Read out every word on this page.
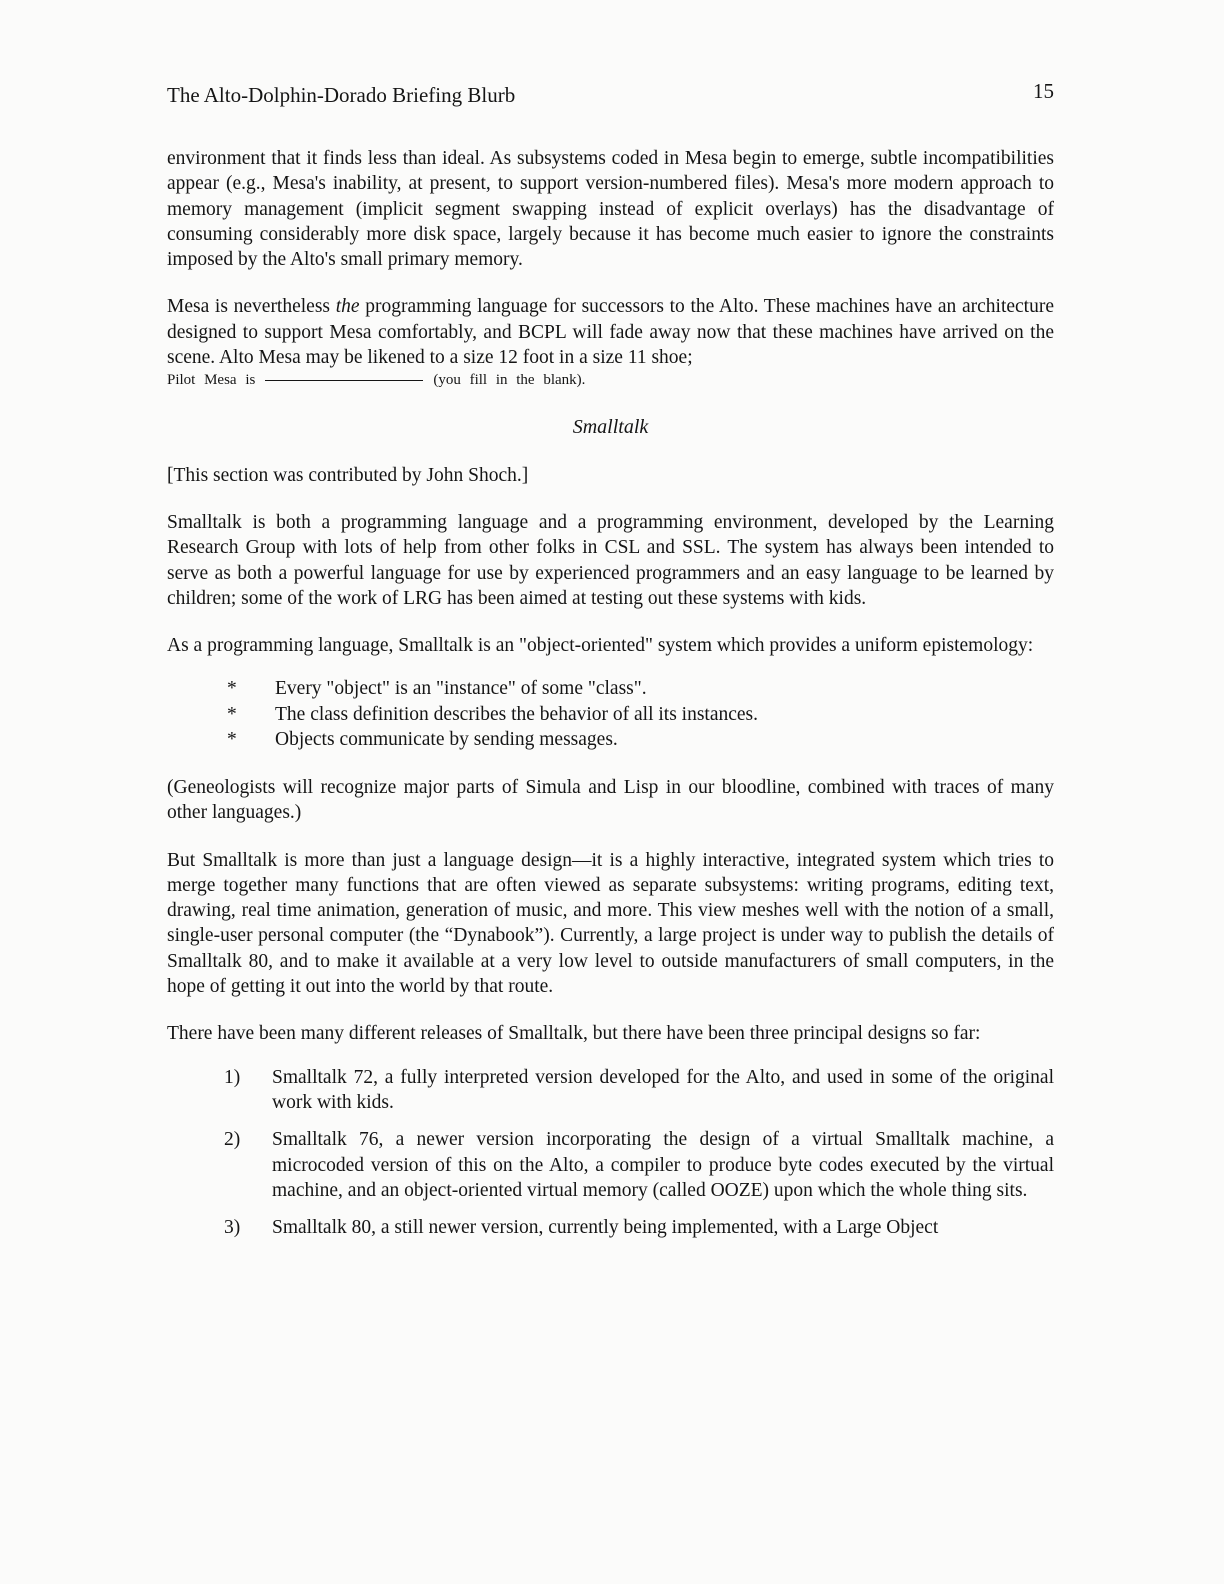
The Alto-Dolphin-Dorado Briefing Blurb	15

environment that it finds less than ideal. As subsystems coded in Mesa begin to emerge, subtle incompatibilities appear (e.g., Mesa's inability, at present, to support version-numbered files). Mesa's more modern approach to memory management (implicit segment swapping instead of explicit overlays) has the disadvantage of consuming considerably more disk space, largely because it has become much easier to ignore the constraints imposed by the Alto's small primary memory.

Mesa is nevertheless the programming language for successors to the Alto. These machines have an architecture designed to support Mesa comfortably, and BCPL will fade away now that these machines have arrived on the scene. Alto Mesa may be likened to a size 12 foot in a size 11 shoe;

Pilot Mesa is	(you fill in the blank).

Smalltalk

[This section was contributed by John Shoch.]

Smalltalk is both a programming language and a programming environment, developed by the Learning Research Group with lots of help from other folks in CSL and SSL. The system has always been intended to serve as both a powerful language for use by experienced programmers and an easy language to be learned by children; some of the work of LRG has been aimed at testing out these systems with kids.

As a programming language, Smalltalk is an "object-oriented" system which provides a uniform epistemology:

* Every "object" is an "instance" of some "class".
* The class definition describes the behavior of all its instances.
* Objects communicate by sending messages.

(Geneologists will recognize major parts of Simula and Lisp in our bloodline, combined with traces of many other languages.)

But Smalltalk is more than just a language design—it is a highly interactive, integrated system which tries to merge together many functions that are often viewed as separate subsystems: writing programs, editing text, drawing, real time animation, generation of music, and more. This view meshes well with the notion of a small, single-user personal computer (the “Dynabook”). Currently, a large project is under way to publish the details of Smalltalk 80, and to make it available at a very low level to outside manufacturers of small computers, in the hope of getting it out into the world by that route.

There have been many different releases of Smalltalk, but there have been three principal designs so far:

1) Smalltalk 72, a fully interpreted version developed for the Alto, and used in some of the original work with kids.
2) Smalltalk 76, a newer version incorporating the design of a virtual Smalltalk machine, a microcoded version of this on the Alto, a compiler to produce byte codes executed by the virtual machine, and an object-oriented virtual memory (called OOZE) upon which the whole thing sits.
3) Smalltalk 80, a still newer version, currently being implemented, with a Large Object
